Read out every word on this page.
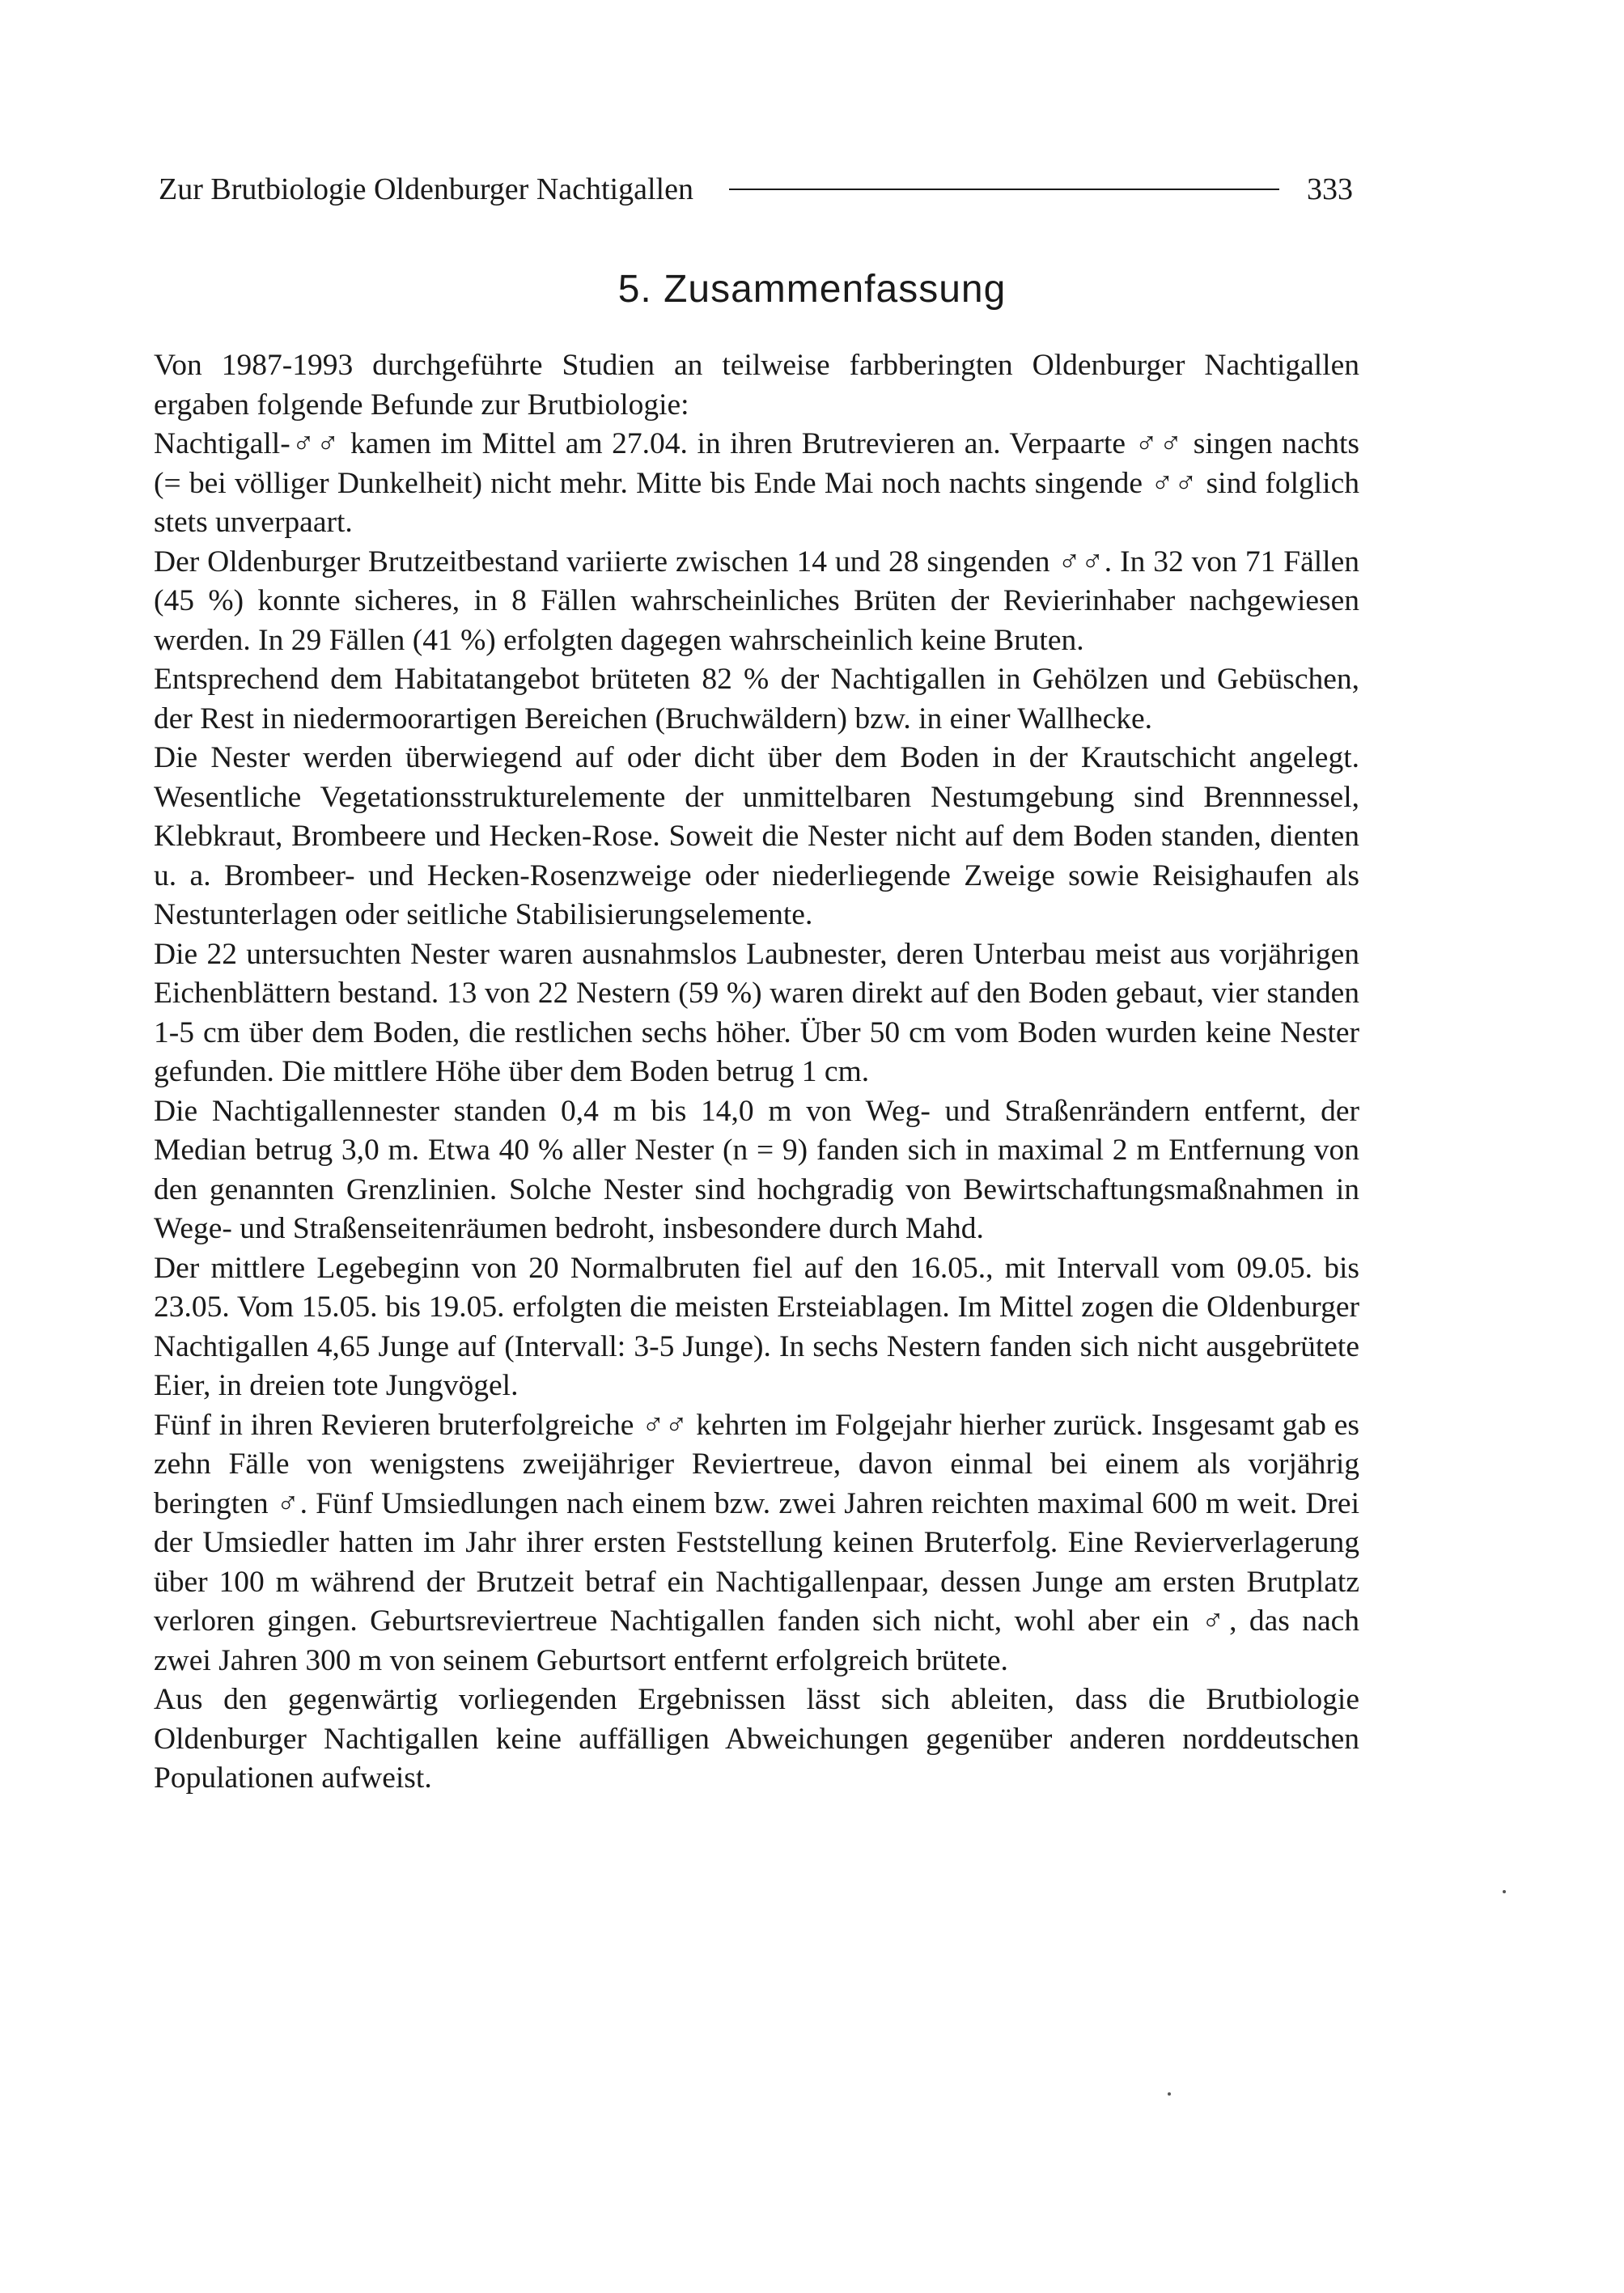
Zur Brutbiologie Oldenburger Nachtigallen	333
5. Zusammenfassung

Von 1987-1993 durchgeführte Studien an teilweise farbberingten Oldenburger Nachtigallen ergaben folgende Befunde zur Brutbiologie:

Nachtigall-♂♂ kamen im Mittel am 27.04. in ihren Brutrevieren an. Verpaarte ♂♂ singen nachts (= bei völliger Dunkelheit) nicht mehr. Mitte bis Ende Mai noch nachts singende ♂♂ sind folglich stets unverpaart.

Der Oldenburger Brutzeitbestand variierte zwischen 14 und 28 singenden ♂♂. In 32 von 71 Fällen (45 %) konnte sicheres, in 8 Fällen wahrscheinliches Brüten der Revierinhaber nachgewiesen werden. In 29 Fällen (41 %) erfolgten dagegen wahrscheinlich keine Bruten.

Entsprechend dem Habitatangebot brüteten 82 % der Nachtigallen in Gehölzen und Gebüschen, der Rest in niedermoorartigen Bereichen (Bruchwäldern) bzw. in einer Wallhecke.

Die Nester werden überwiegend auf oder dicht über dem Boden in der Krautschicht angelegt. Wesentliche Vegetationsstrukturelemente der unmittelbaren Nestumgebung sind Brennnessel, Klebkraut, Brombeere und Hecken-Rose. Soweit die Nester nicht auf dem Boden standen, dienten u. a. Brombeer- und Hecken-Rosenzweige oder niederliegende Zweige sowie Reisighaufen als Nestunterlagen oder seitliche Stabilisierungselemente.

Die 22 untersuchten Nester waren ausnahmslos Laubnester, deren Unterbau meist aus vorjährigen Eichenblättern bestand. 13 von 22 Nestern (59 %) waren direkt auf den Boden gebaut, vier standen 1-5 cm über dem Boden, die restlichen sechs höher. Über 50 cm vom Boden wurden keine Nester gefunden. Die mittlere Höhe über dem Boden betrug 1 cm.

Die Nachtigallennester standen 0,4 m bis 14,0 m von Weg- und Straßenrändern entfernt, der Median betrug 3,0 m. Etwa 40 % aller Nester (n = 9) fanden sich in maximal 2 m Entfernung von den genannten Grenzlinien. Solche Nester sind hochgradig von Bewirtschaftungsmaßnahmen in Wege- und Straßenseitenräumen bedroht, insbesondere durch Mahd.

Der mittlere Legebeginn von 20 Normalbruten fiel auf den 16.05., mit Intervall vom 09.05. bis 23.05. Vom 15.05. bis 19.05. erfolgten die meisten Ersteiablagen. Im Mittel zogen die Oldenburger Nachtigallen 4,65 Junge auf (Intervall: 3-5 Junge). In sechs Nestern fanden sich nicht ausgebrütete Eier, in dreien tote Jungvögel.

Fünf in ihren Revieren bruterfolgreiche ♂♂ kehrten im Folgejahr hierher zurück. Insgesamt gab es zehn Fälle von wenigstens zweijähriger Reviertreue, davon einmal bei einem als vorjährig beringten ♂. Fünf Umsiedlungen nach einem bzw. zwei Jahren reichten maximal 600 m weit. Drei der Umsiedler hatten im Jahr ihrer ersten Feststellung keinen Bruterfolg. Eine Revierverlagerung über 100 m während der Brutzeit betraf ein Nachtigallenpaar, dessen Junge am ersten Brutplatz verloren gingen. Geburtsreviertreue Nachtigallen fanden sich nicht, wohl aber ein ♂, das nach zwei Jahren 300 m von seinem Geburtsort entfernt erfolgreich brütete.

Aus den gegenwärtig vorliegenden Ergebnissen lässt sich ableiten, dass die Brutbiologie Oldenburger Nachtigallen keine auffälligen Abweichungen gegenüber anderen norddeutschen Populationen aufweist.
